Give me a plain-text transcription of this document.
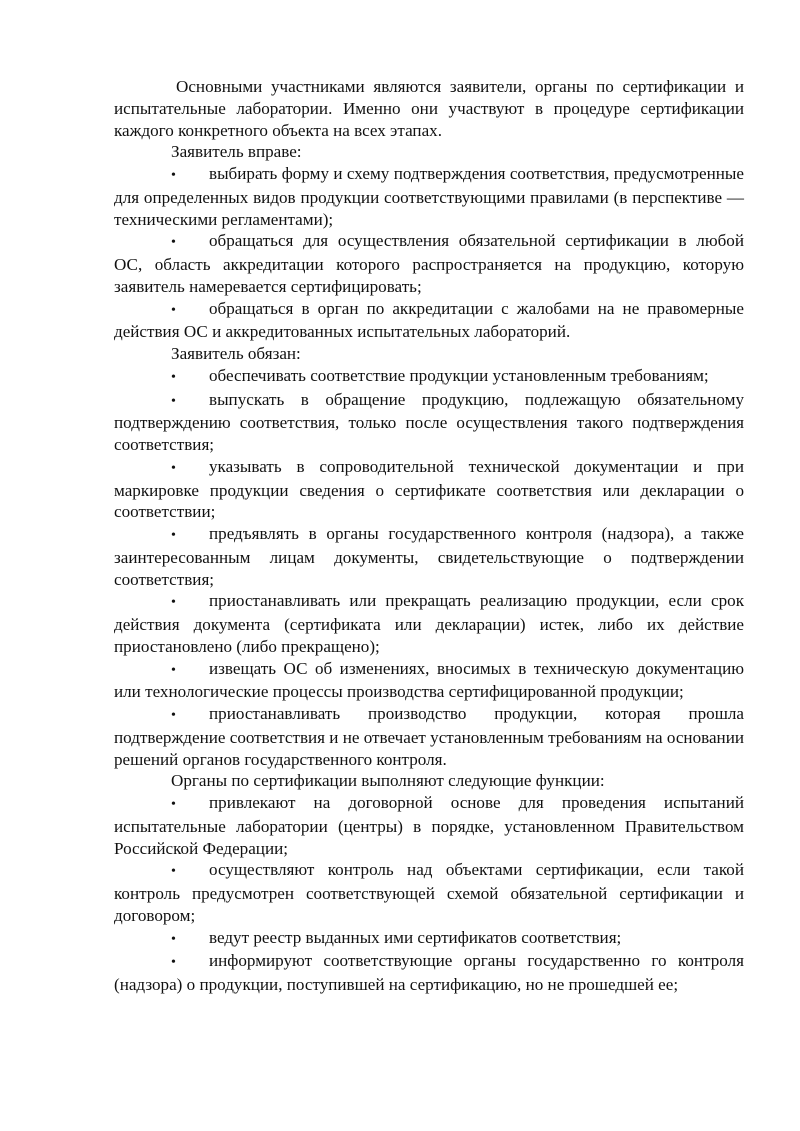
Основными участниками являются заявители, органы по сертификации и испытательные лаборатории. Именно они участвуют в процедуре сертификации каждого конкретного объекта на всех этапах.

Заявитель вправе:

• выбирать форму и схему подтверждения соответствия, предусмотренные для определенных видов продукции соответствующими правилами (в перспективе — техническими регламентами);

• обращаться для осуществления обязательной сертификации в любой ОС, область аккредитации которого распространяется на продукцию, которую заявитель намеревается сертифицировать;

• обращаться в орган по аккредитации с жалобами на не правомерные действия ОС и аккредитованных испытательных лабораторий.

Заявитель обязан:

• обеспечивать соответствие продукции установленным требованиям;

• выпускать в обращение продукцию, подлежащую обязательному подтверждению соответствия, только после осуществления такого подтверждения соответствия;

• указывать в сопроводительной технической документации и при маркировке продукции сведения о сертификате соответствия или декларации о соответствии;

• предъявлять в органы государственного контроля (надзора), а также заинтересованным лицам документы, свидетельствующие о подтверждении соответствия;

• приостанавливать или прекращать реализацию продукции, если срок действия документа (сертификата или декларации) истек, либо их действие приостановлено (либо прекращено);

• извещать ОС об изменениях, вносимых в техническую документацию или технологические процессы производства сертифицированной продукции;

• приостанавливать производство продукции, которая прошла подтверждение соответствия и не отвечает установленным требованиям на основании решений органов государственного контроля.

Органы по сертификации выполняют следующие функции:

• привлекают на договорной основе для проведения испытаний испытательные лаборатории (центры) в порядке, установленном Правительством Российской Федерации;

• осуществляют контроль над объектами сертификации, если такой контроль предусмотрен соответствующей схемой обязательной сертификации и договором;

• ведут реестр выданных ими сертификатов соответствия;

• информируют соответствующие органы государственно го контроля (надзора) о продукции, поступившей на сертификацию, но не прошедшей ее;
